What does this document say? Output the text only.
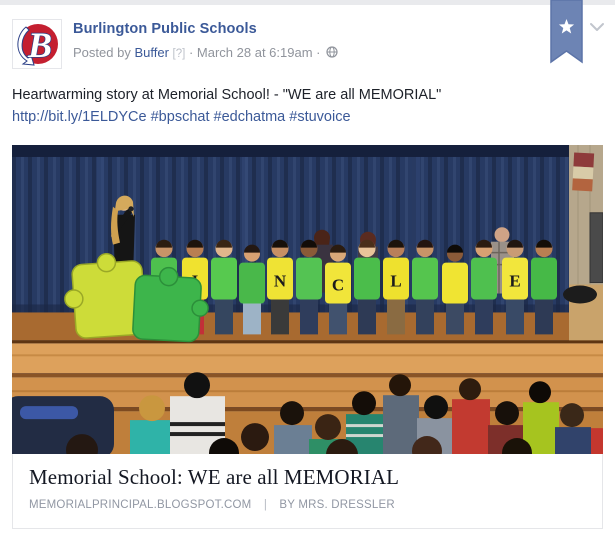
B Burlington Public Schools
Posted by Buffer [?] · March 28 at 6:19am ·
Heartwarming story at Memorial School! - "WE are all MEMORIAL"
http://bit.ly/1ELDYCe #bpschat #edchatma #stuvoice
N	C	L	E
Memorial School: WE are all MEMORIAL
MEMORIALPRINCIPAL.BLOGSPOT.COM | BY MRS. DRESSLER
